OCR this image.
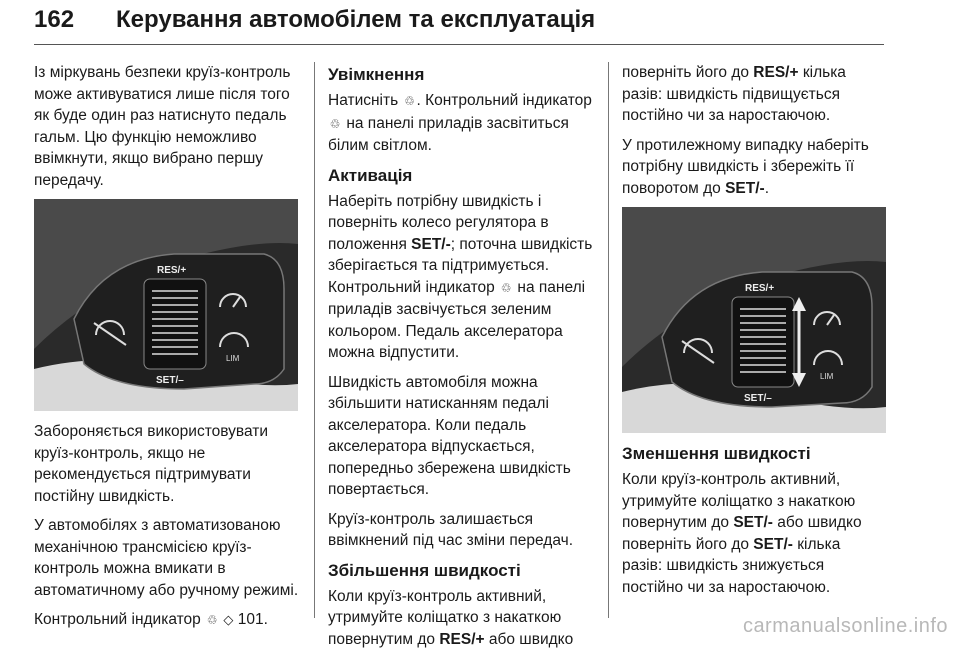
162 Керування автомобілем та експлуатація

Із міркувань безпеки круїз-контроль може активуватися лише після того як буде один раз натиснуто педаль гальм. Цю функцію неможливо ввімкнути, якщо вибрано першу передачу.

RES/+
SET/–
LIM

Забороняється використовувати круїз-контроль, якщо не рекомендується підтримувати постійну швидкість.

У автомобілях з автоматизованою механічною трансмісією круїз-контроль можна вмикати в автоматичному або ручному режимі.

Контрольний індикатор ♲ ◇ 101.

Увімкнення

Натисніть ♲ . Контрольний індикатор ♲ на панелі приладів засвітиться білим світлом.

Активація

Наберіть потрібну швидкість і поверніть колесо регулятора в положення SET/-; поточна швидкість зберігається та підтримується. Контрольний індикатор ♲ на панелі приладів засвічується зеленим кольором. Педаль акселератора можна відпустити.

Швидкість автомобіля можна збільшити натисканням педалі акселератора. Коли педаль акселератора відпускається, попередньо збережена швидкість повертається.

Круїз-контроль залишається ввімкнений під час зміни передач.

Збільшення швидкості

Коли круїз-контроль активний, утримуйте коліщатко з накаткою повернутим до RES/+ або швидко

поверніть його до RES/+ кілька разів: швидкість підвищується постійно чи за наростаючою.

У протилежному випадку наберіть потрібну швидкість і збережіть її поворотом до SET/-.

RES/+
SET/–
LIM
Зменшення швидкості

Коли круїз-контроль активний, утримуйте коліщатко з накаткою повернутим до SET/- або швидко поверніть його до SET/- кілька разів: швидкість знижується постійно чи за наростаючою.

carmanualsonline.info
